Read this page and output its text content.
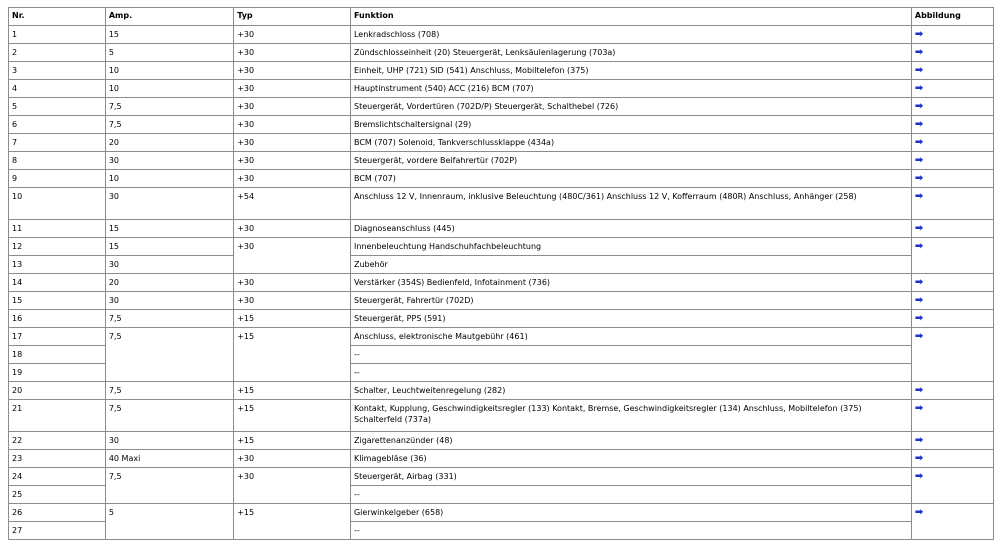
Nr.	Amp.	Typ	Funktion	Abbildung
1	15	+30	Lenkradschloss (708)	➡
2	5	+30	Zündschlosseinheit (20) Steuergerät, Lenksäulenlagerung (703a)	➡
3	10	+30	Einheit, UHP (721) SID (541) Anschluss, Mobiltelefon (375)	➡
4	10	+30	Hauptinstrument (540) ACC (216) BCM (707)	➡
5	7,5	+30	Steuergerät, Vordertüren (702D/P) Steuergerät, Schalthebel (726)	➡
6	7,5	+30	Bremslichtschaltersignal (29)	➡
7	20	+30	BCM (707) Solenoid, Tankverschlussklappe (434a)	➡
8	30	+30	Steuergerät, vordere Beifahrertür (702P)	➡
9	10	+30	BCM (707)	➡
10	30	+54	Anschluss 12 V, Innenraum, inklusive Beleuchtung (480C/361) Anschluss 12 V, Kofferraum (480R) Anschluss, Anhänger (258)	➡
11	15	+30	Diagnoseanschluss (445)	➡
12	15	+30	Innenbeleuchtung Handschuhfachbeleuchtung	➡
13	30		Zubehör	
14	20	+30	Verstärker (354S) Bedienfeld, Infotainment (736)	➡
15	30	+30	Steuergerät, Fahrertür (702D)	➡
16	7,5	+15	Steuergerät, PPS (591)	➡
17	7,5	+15	Anschluss, elektronische Mautgebühr (461)	➡
18			--	
19			--	
20	7,5	+15	Schalter, Leuchtweitenregelung (282)	➡
21	7,5	+15	Kontakt, Kupplung, Geschwindigkeitsregler (133) Kontakt, Bremse, Geschwindigkeitsregler (134) Anschluss, Mobiltelefon (375) Schalterfeld (737a)	➡
22	30	+15	Zigarettenanzünder (48)	➡
23	40 Maxi	+30	Klimagebläse (36)	➡
24	7,5	+30	Steuergerät, Airbag (331)	➡
25			--	
26	5	+15	Gierwinkelgeber (658)	➡
27			--	
